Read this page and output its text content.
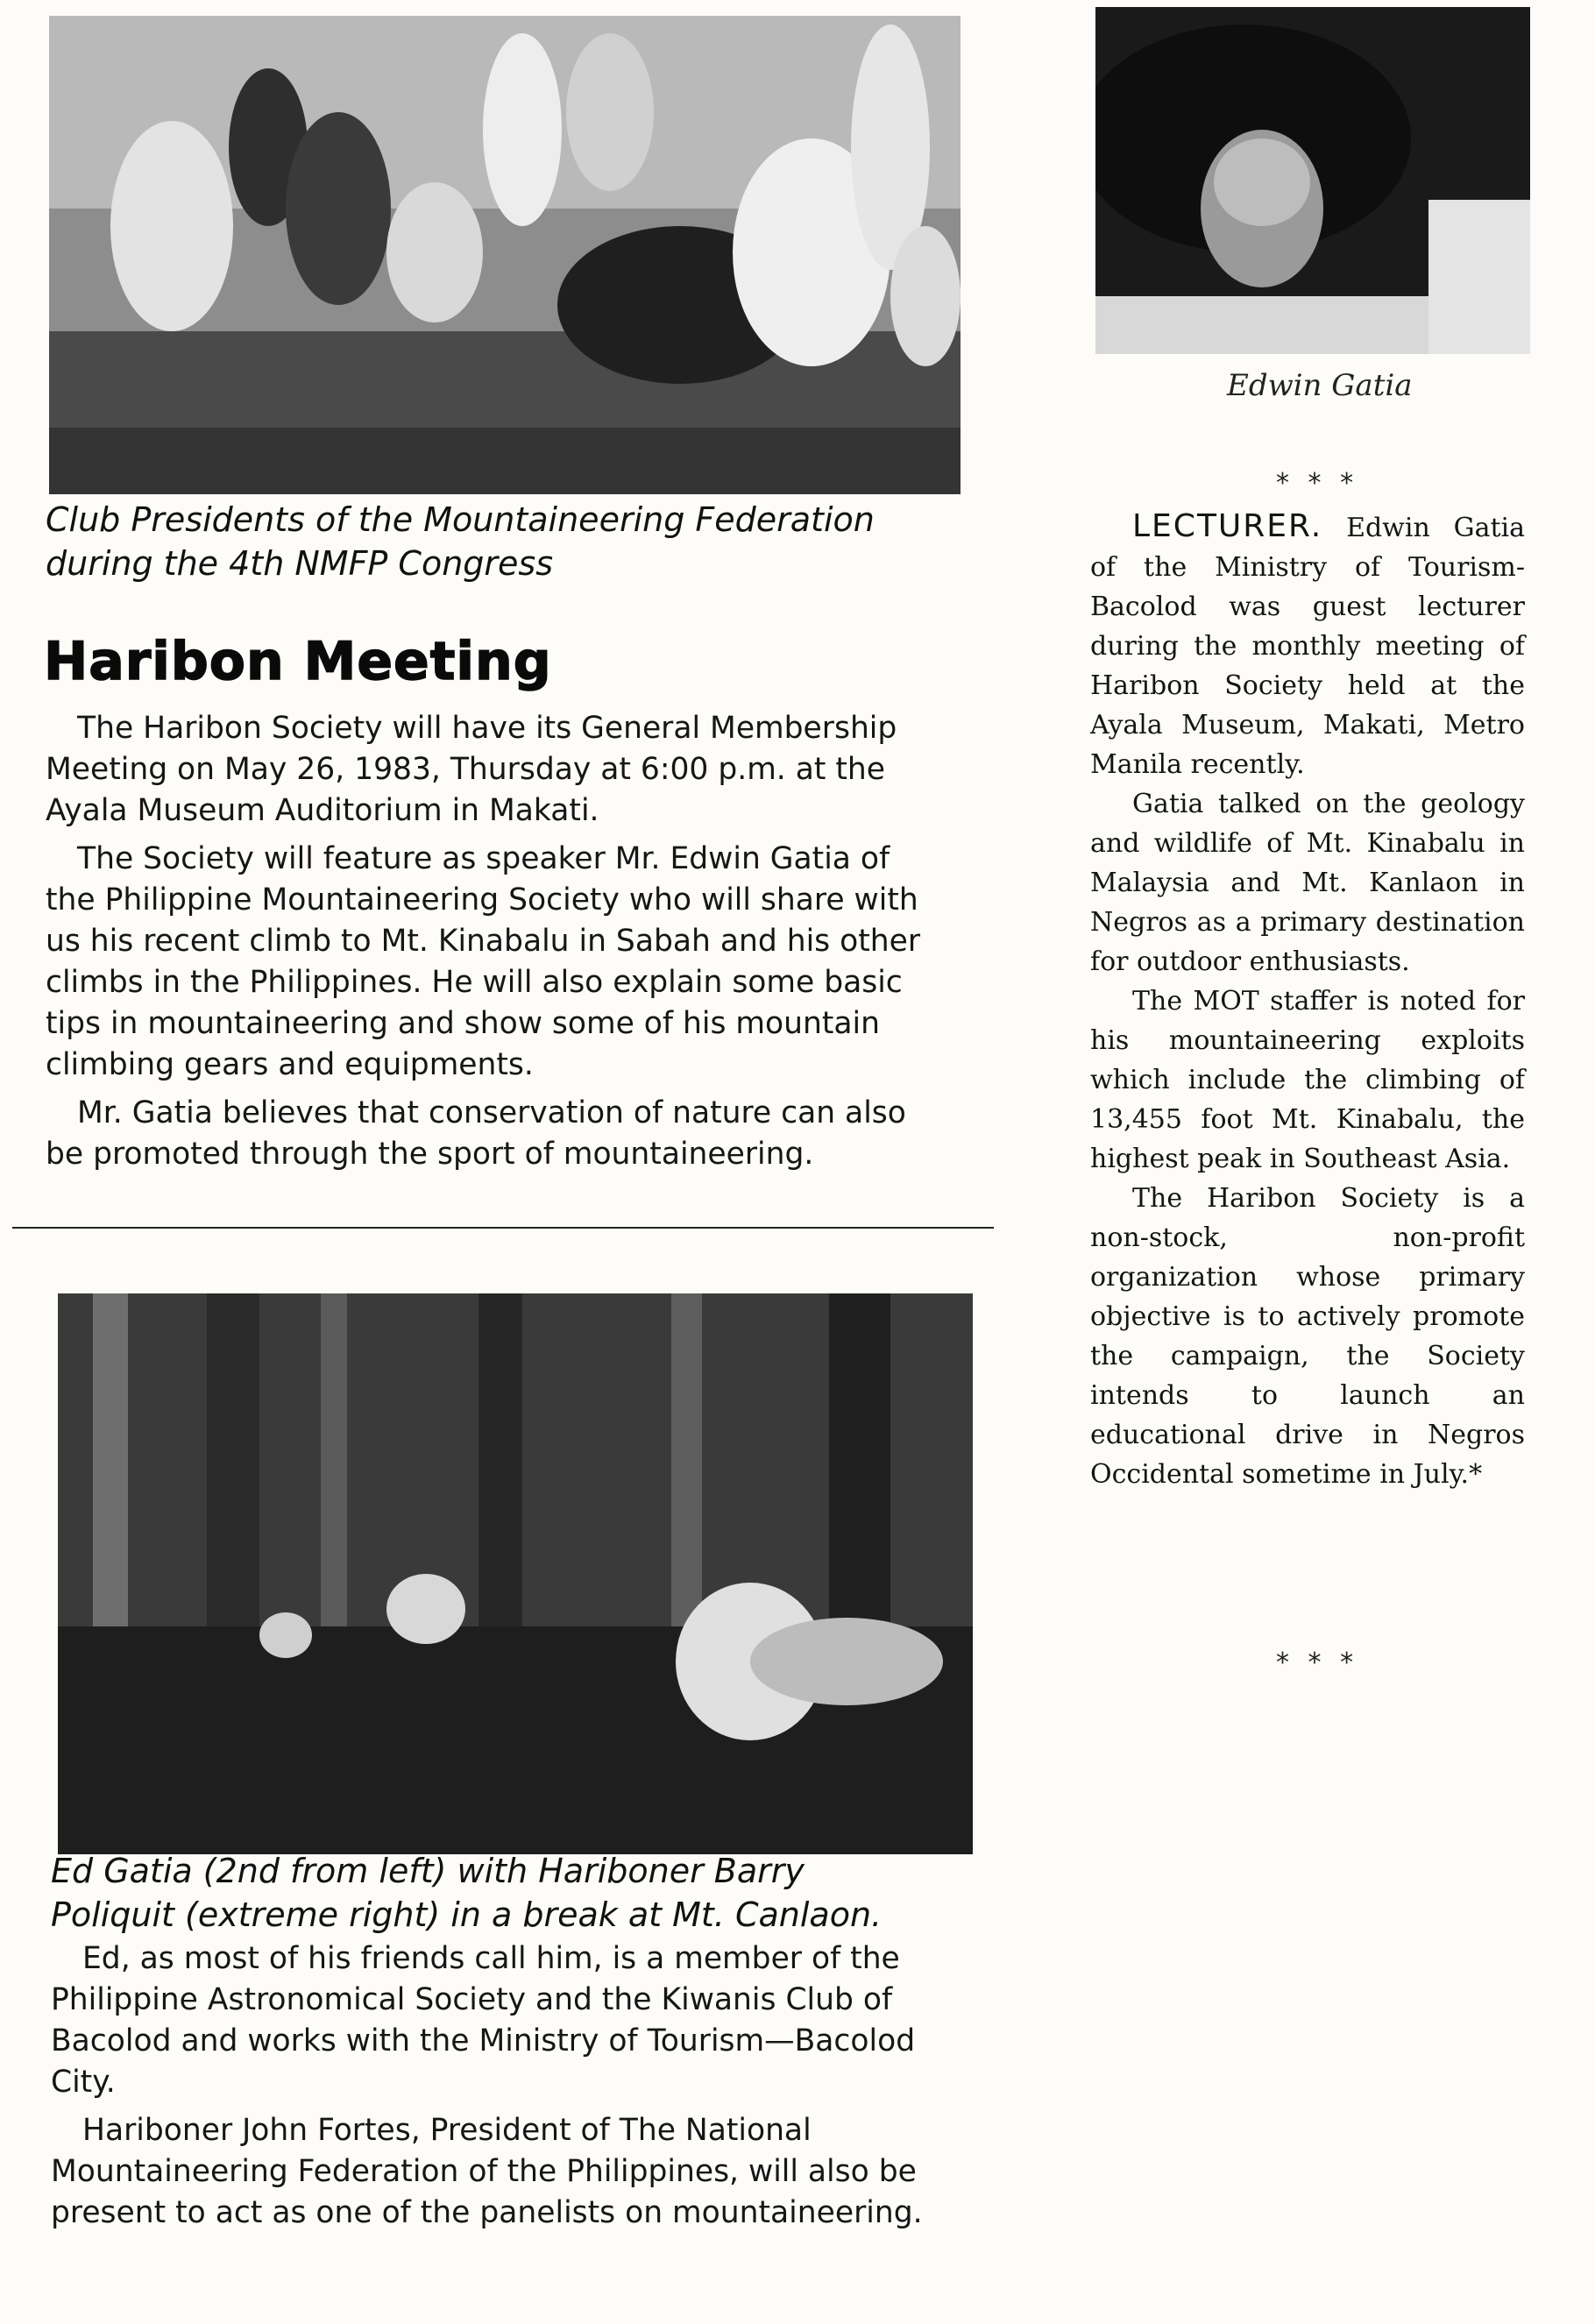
Club Presidents of the Mountaineering Federation
during the 4th NMFP Congress

Edwin Gatia

Haribon Meeting

The Haribon Society will have its General Membership Meeting on May 26, 1983, Thursday at 6:00 p.m. at the Ayala Museum Auditorium in Makati.

The Society will feature as speaker Mr. Edwin Gatia of the Philippine Mountaineering Society who will share with us his recent climb to Mt. Kinabalu in Sabah and his other climbs in the Philippines. He will also explain some basic tips in mountaineering and show some of his mountain climbing gears and equipments.

Mr. Gatia believes that conservation of nature can also be promoted through the sport of mountaineering.

Ed Gatia (2nd from left) with Hariboner Barry
Poliquit (extreme right) in a break at Mt. Canlaon.

Ed, as most of his friends call him, is a member of the Philippine Astronomical Society and the Kiwanis Club of Bacolod and works with the Ministry of Tourism—Bacolod City.

Hariboner John Fortes, President of The National Mountaineering Federation of the Philippines, will also be present to act as one of the panelists on mountaineering.

* * *

LECTURER. Edwin Gatia of the Ministry of Tourism-Bacolod was guest lecturer during the monthly meeting of Haribon Society held at the Ayala Museum, Makati, Metro Manila recently.

Gatia talked on the geology and wildlife of Mt. Kinabalu in Malaysia and Mt. Kanlaon in Negros as a primary destination for outdoor enthusiasts.

The MOT staffer is noted for his mountaineering exploits which include the climbing of 13,455 foot Mt. Kinabalu, the highest peak in Southeast Asia.

The Haribon Society is a non-stock, non-profit organization whose primary objective is to actively promote the campaign, the Society intends to launch an educational drive in Negros Occidental sometime in July.*

* * *
